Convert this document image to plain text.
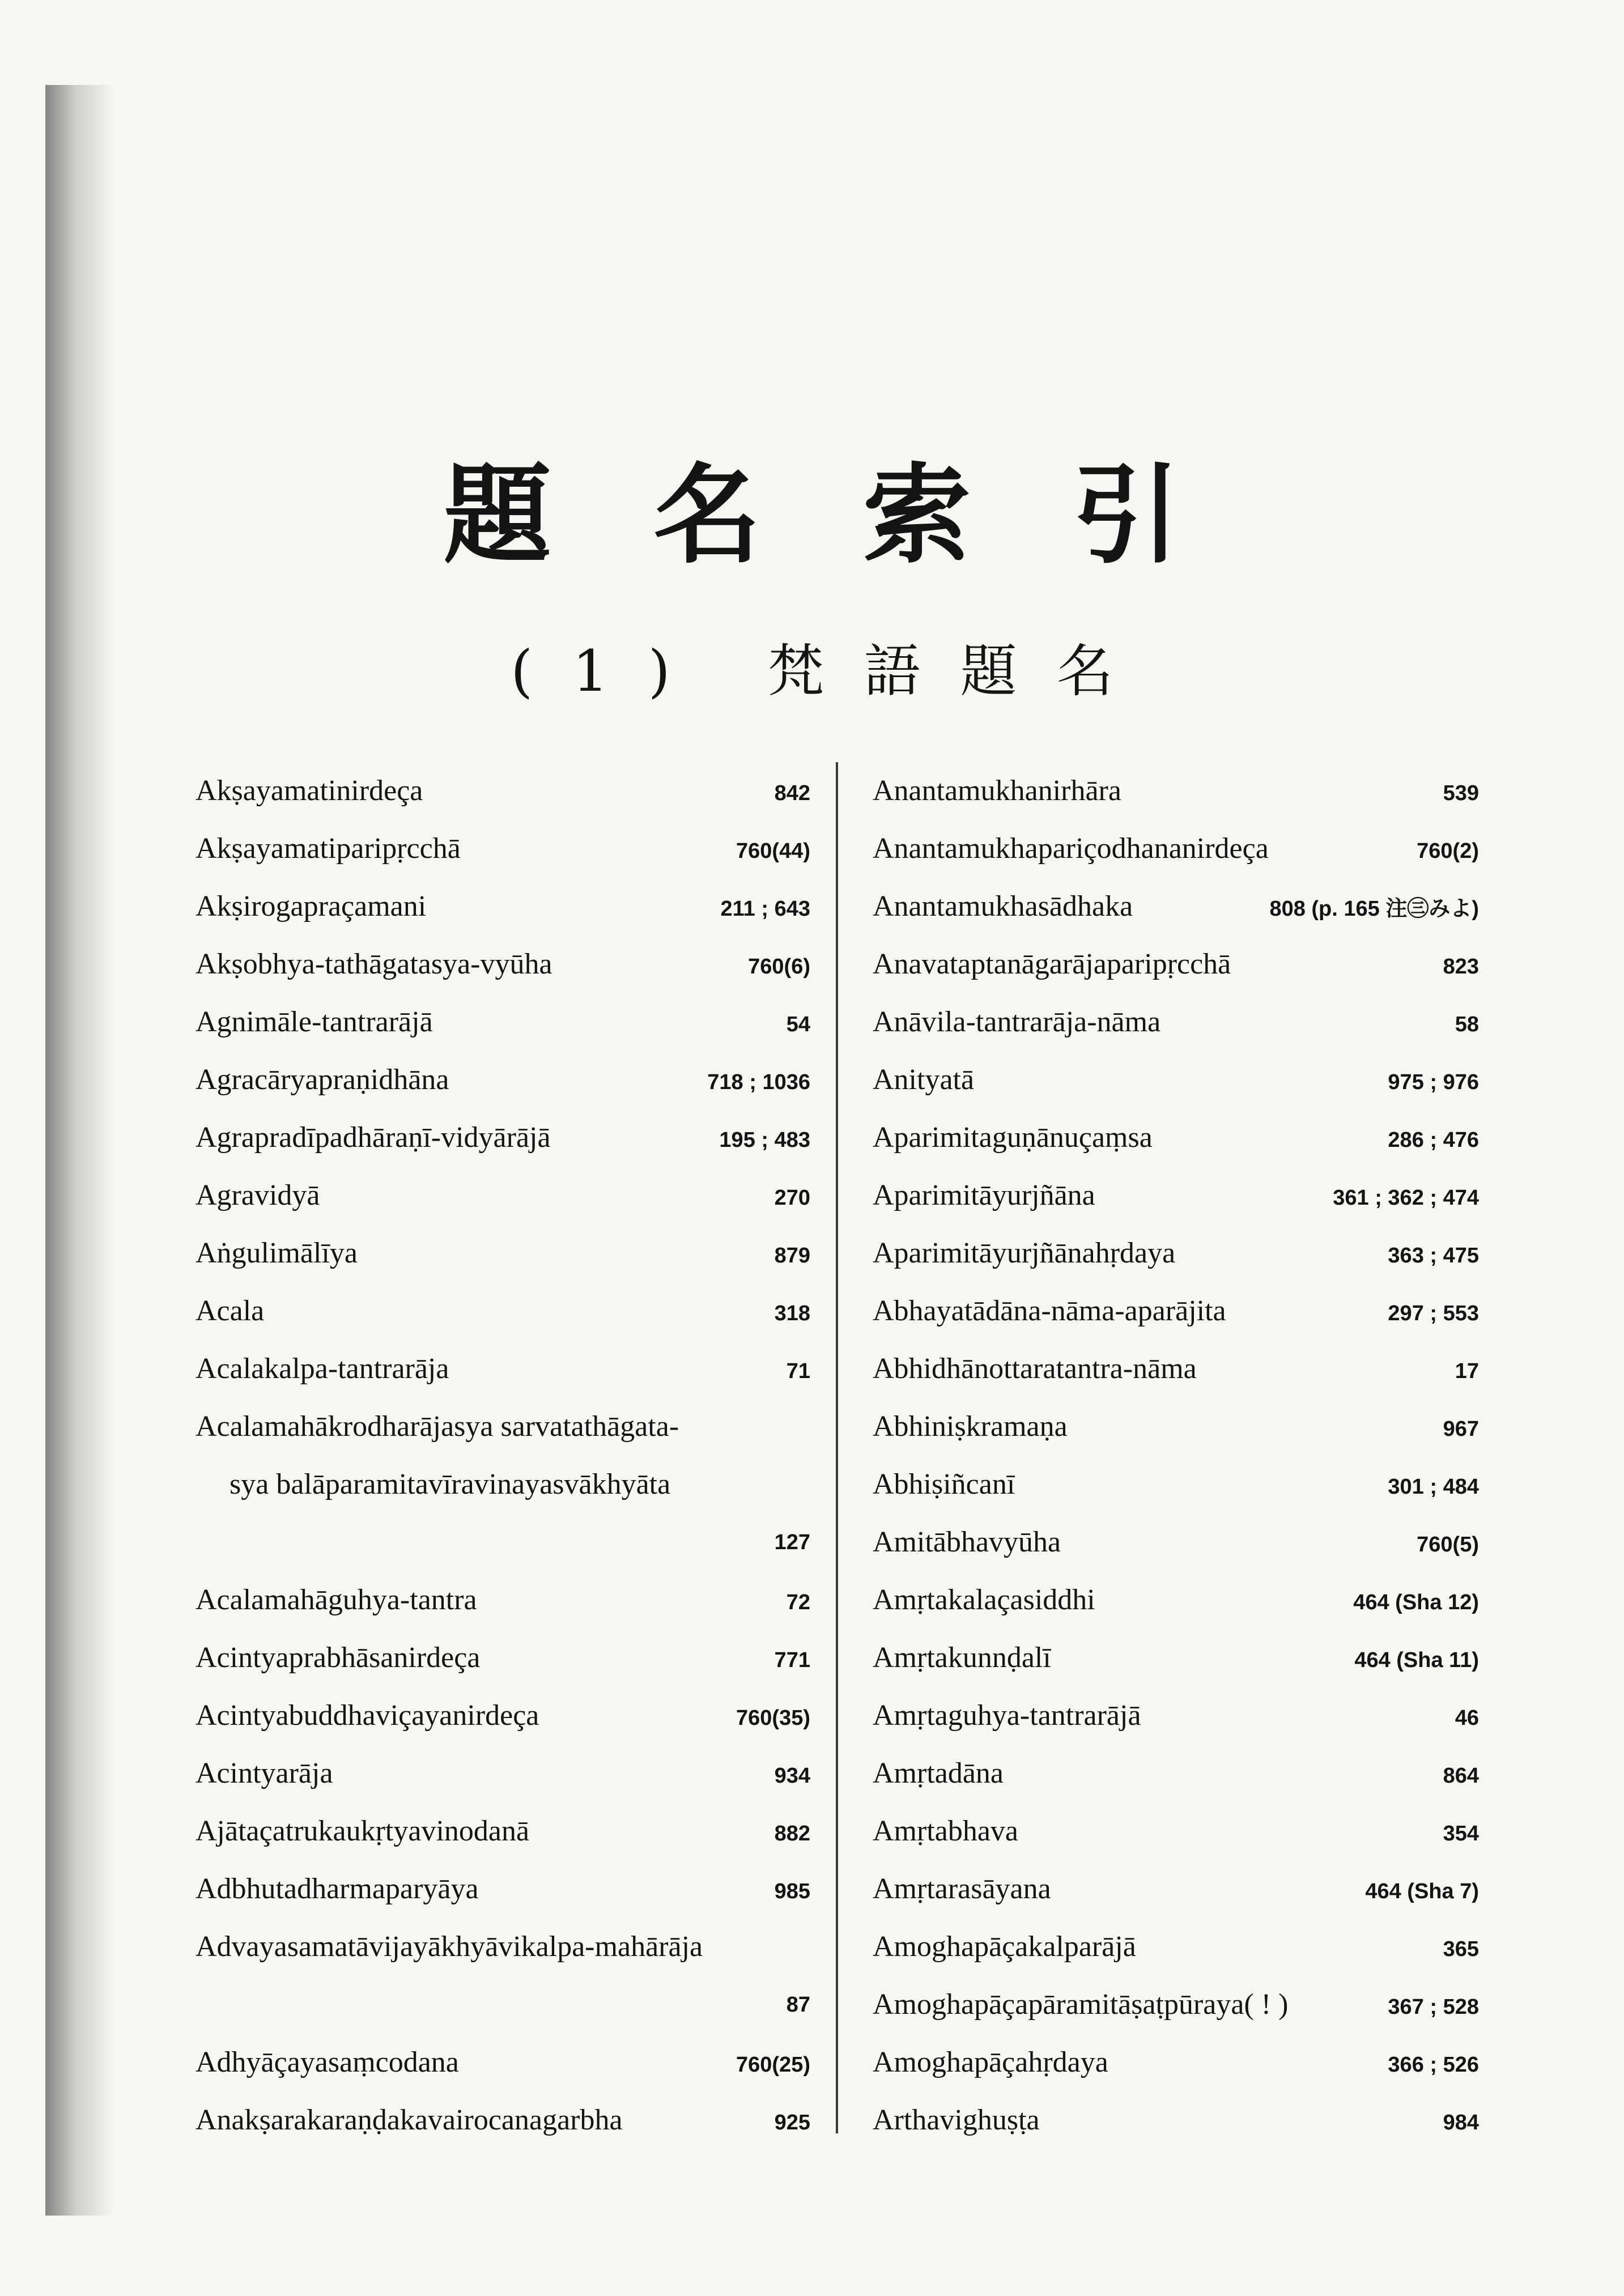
題名索引
(1) 梵語題名
Akṣayamatinirdeça	842
Akṣayamatiparipṛcchā	760(44)
Akṣirogapraçamani	211 ; 643
Akṣobhya-tathāgatasya-vyūha	760(6)
Agnimāle-tantrarājā	54
Agracāryapraṇidhāna	718 ; 1036
Agrapradīpadhāraṇī-vidyārājā	195 ; 483
Agravidyā	270
Aṅgulimālīya	879
Acala	318
Acalakalpa-tantrarāja	71
Acalamahākrodharājasya sarvatathāgata-
sya balāparamitavīravinayasvākhyāta
127
Acalamahāguhya-tantra	72
Acintyaprabhāsanirdeça	771
Acintyabuddhaviçayanirdeça	760(35)
Acintyarāja	934
Ajātaçatrukaukṛtyavinodanā	882
Adbhutadharmaparyāya	985
Advayasamatāvijayākhyāvikalpa-mahārāja
87
Adhyāçayasaṃcodana	760(25)
Anakṣarakaraṇḍakavairocanagarbha	925
Anantamukhanirhāra	539
Anantamukhapariçodhananirdeça	760(2)
Anantamukhasādhaka	808 (p. 165 注㊂みよ)
Anavataptanāgarājaparipṛcchā	823
Anāvila-tantrarāja-nāma	58
Anityatā	975 ; 976
Aparimitaguṇānuçaṃsa	286 ; 476
Aparimitāyurjñāna	361 ; 362 ; 474
Aparimitāyurjñānahṛdaya	363 ; 475
Abhayatādāna-nāma-aparājita	297 ; 553
Abhidhānottaratantra-nāma	17
Abhiniṣkramaṇa	967
Abhiṣiñcanī	301 ; 484
Amitābhavyūha	760(5)
Amṛtakalaçasiddhi	464 (Sha 12)
Amṛtakunnḍalī	464 (Sha 11)
Amṛtaguhya-tantrarājā	46
Amṛtadāna	864
Amṛtabhava	354
Amṛtarasāyana	464 (Sha 7)
Amoghapāçakalparājā	365
Amoghapāçapāramitāṣaṭpūraya( ! )	367 ; 528
Amoghapāçahṛdaya	366 ; 526
Arthavighuṣṭa	984
